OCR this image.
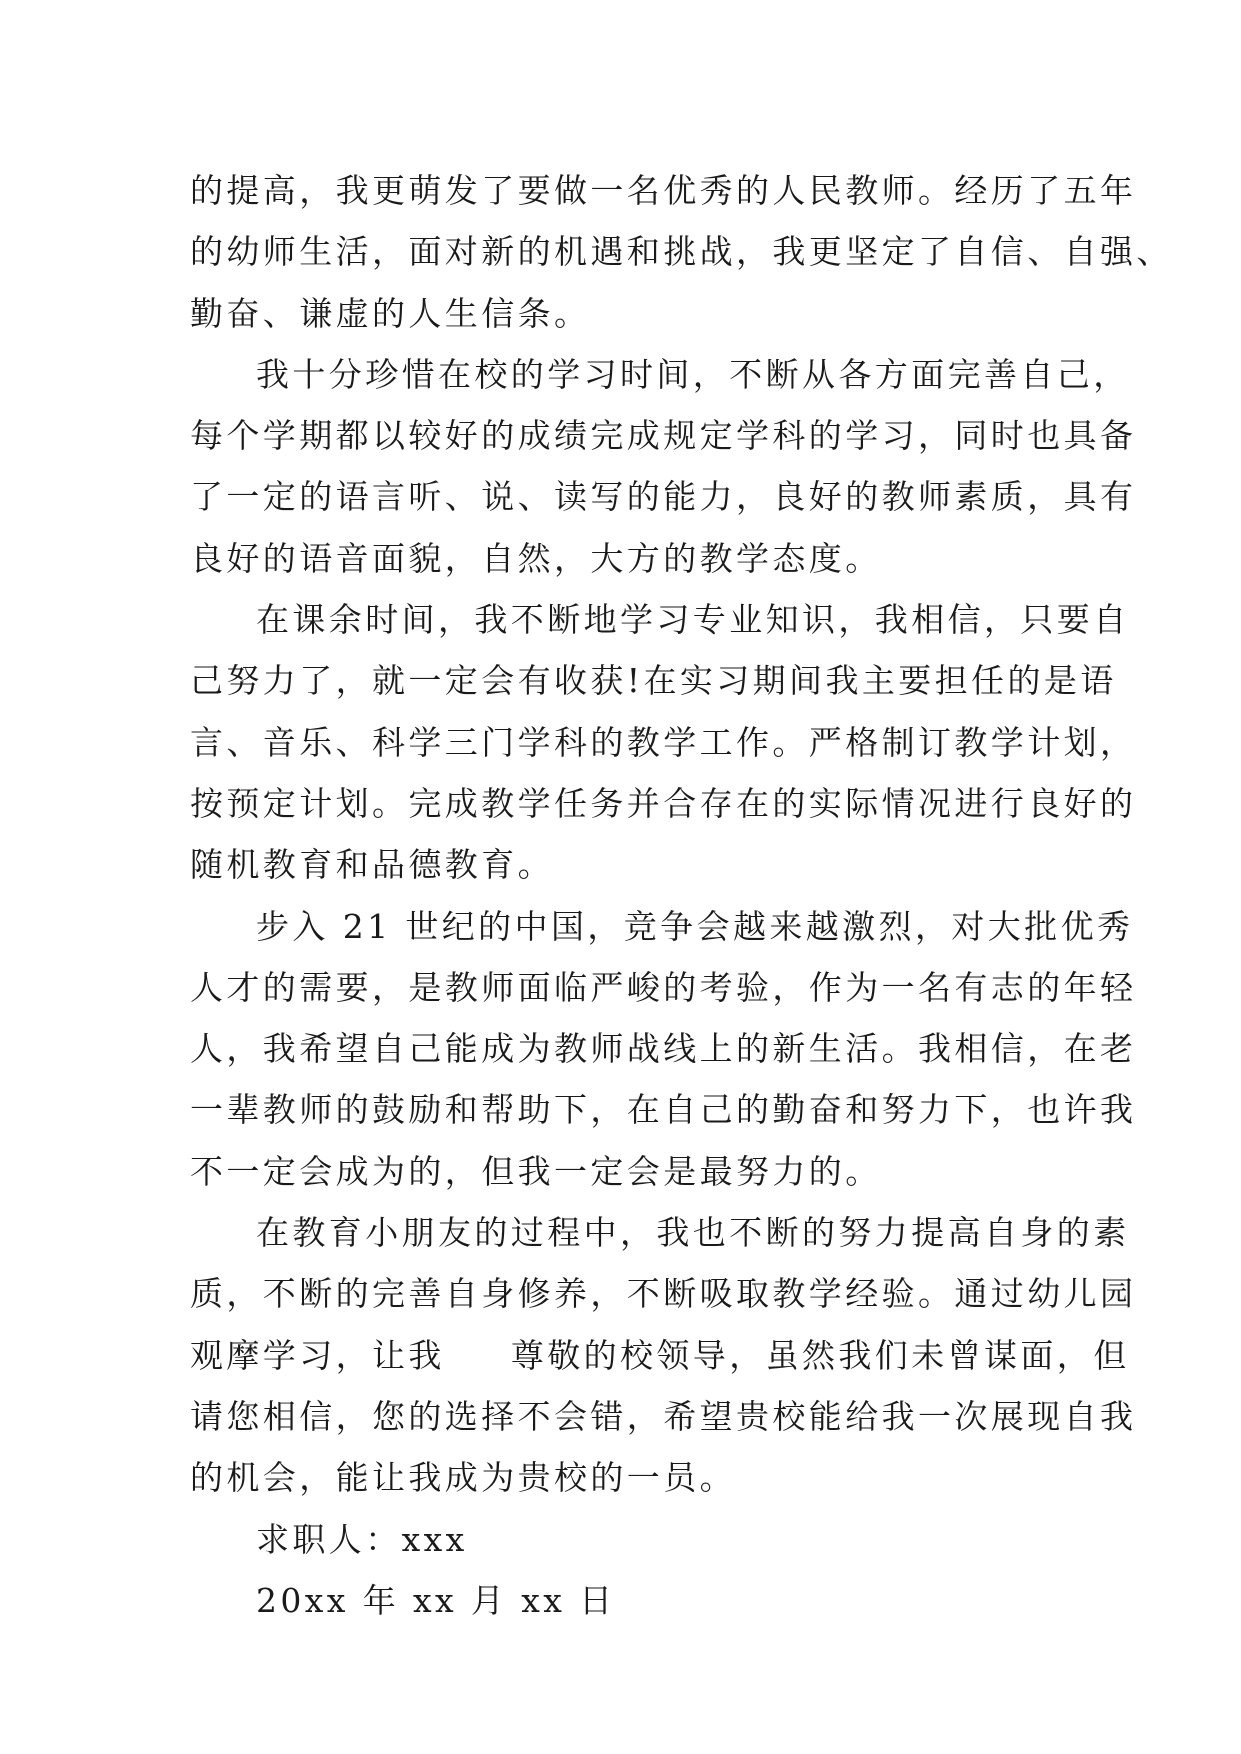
的提高，我更萌发了要做一名优秀的人民教师。经历了五年
的幼师生活，面对新的机遇和挑战，我更坚定了自信、自强、
勤奋、谦虚的人生信条。
我十分珍惜在校的学习时间，不断从各方面完善自己，
每个学期都以较好的成绩完成规定学科的学习，同时也具备
了一定的语言听、说、读写的能力，良好的教师素质，具有
良好的语音面貌，自然，大方的教学态度。
在课余时间，我不断地学习专业知识，我相信，只要自
己努力了，就一定会有收获!在实习期间我主要担任的是语
言、音乐、科学三门学科的教学工作。严格制订教学计划，
按预定计划。完成教学任务并合存在的实际情况进行良好的
随机教育和品德教育。
步入 21 世纪的中国，竞争会越来越激烈，对大批优秀
人才的需要，是教师面临严峻的考验，作为一名有志的年轻
人，我希望自己能成为教师战线上的新生活。我相信，在老
一辈教师的鼓励和帮助下，在自己的勤奋和努力下，也许我
不一定会成为的，但我一定会是最努力的。
在教育小朋友的过程中，我也不断的努力提高自身的素
质，不断的完善自身修养，不断吸取教学经验。通过幼儿园
观摩学习，让我 尊敬的校领导，虽然我们未曾谋面，但
请您相信，您的选择不会错，希望贵校能给我一次展现自我
的机会，能让我成为贵校的一员。
求职人：xxx
20xx 年 xx 月 xx 日
